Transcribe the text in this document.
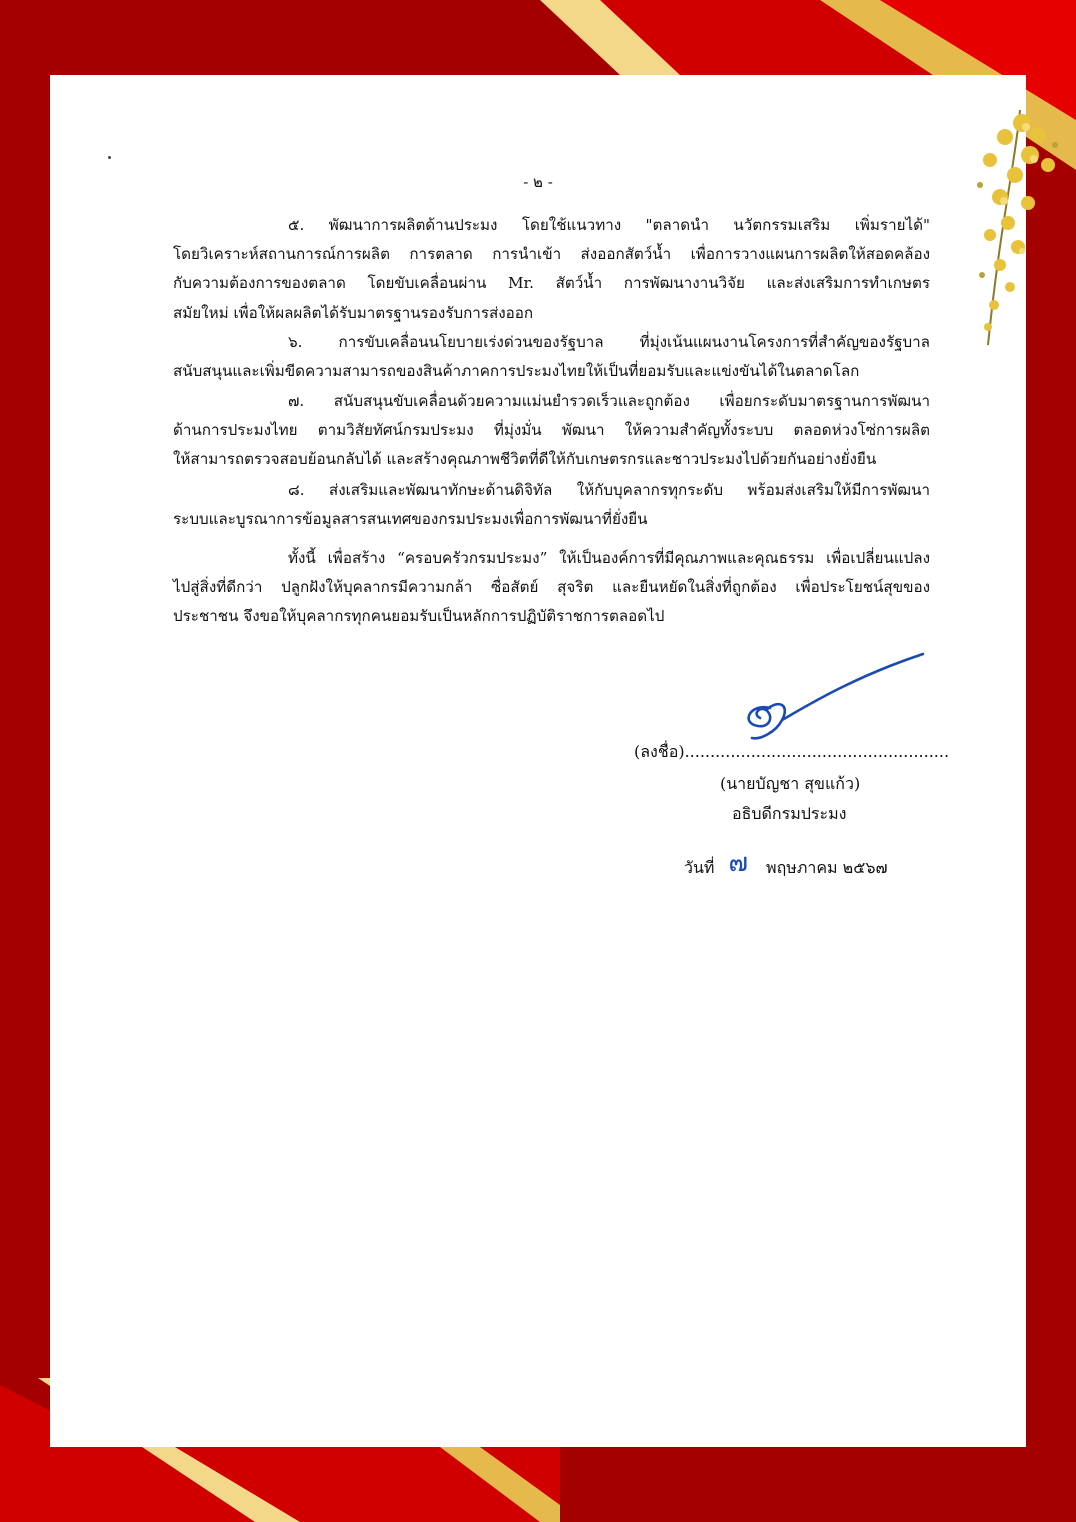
- ๒ -
๕. พัฒนาการผลิตด้านประมง โดยใช้แนวทาง "ตลาดนำ นวัตกรรมเสริม เพิ่มรายได้"
โดยวิเคราะห์สถานการณ์การผลิต การตลาด การนำเข้า ส่งออกสัตว์น้ำ เพื่อการวางแผนการผลิตให้สอดคล้อง
กับความต้องการของตลาด โดยขับเคลื่อนผ่าน Mr. สัตว์น้ำ การพัฒนางานวิจัย และส่งเสริมการทำเกษตร
สมัยใหม่ เพื่อให้ผลผลิตได้รับมาตรฐานรองรับการส่งออก
๖. การขับเคลื่อนนโยบายเร่งด่วนของรัฐบาล ที่มุ่งเน้นแผนงานโครงการที่สำคัญของรัฐบาล
สนับสนุนและเพิ่มขีดความสามารถของสินค้าภาคการประมงไทยให้เป็นที่ยอมรับและแข่งขันได้ในตลาดโลก
๗. สนับสนุนขับเคลื่อนด้วยความแม่นยำรวดเร็วและถูกต้อง เพื่อยกระดับมาตรฐานการพัฒนา
ด้านการประมงไทย ตามวิสัยทัศน์กรมประมง ที่มุ่งมั่น พัฒนา ให้ความสำคัญทั้งระบบ ตลอดห่วงโซ่การผลิต
ให้สามารถตรวจสอบย้อนกลับได้ และสร้างคุณภาพชีวิตที่ดีให้กับเกษตรกรและชาวประมงไปด้วยกันอย่างยั่งยืน
๘. ส่งเสริมและพัฒนาทักษะด้านดิจิทัล ให้กับบุคลากรทุกระดับ พร้อมส่งเสริมให้มีการพัฒนา
ระบบและบูรณาการข้อมูลสารสนเทศของกรมประมงเพื่อการพัฒนาที่ยั่งยืน
ทั้งนี้ เพื่อสร้าง “ครอบครัวกรมประมง” ให้เป็นองค์การที่มีคุณภาพและคุณธรรม เพื่อเปลี่ยนแปลง
ไปสู่สิ่งที่ดีกว่า ปลูกฝังให้บุคลากรมีความกล้า ซื่อสัตย์ สุจริต และยืนหยัดในสิ่งที่ถูกต้อง เพื่อประโยชน์สุขของ
ประชาชน จึงขอให้บุคลากรทุกคนยอมรับเป็นหลักการปฏิบัติราชการตลอดไป
(ลงชื่อ)....................................................
(นายบัญชา สุขแก้ว)
อธิบดีกรมประมง
วันที่ ๗ พฤษภาคม ๒๕๖๗
